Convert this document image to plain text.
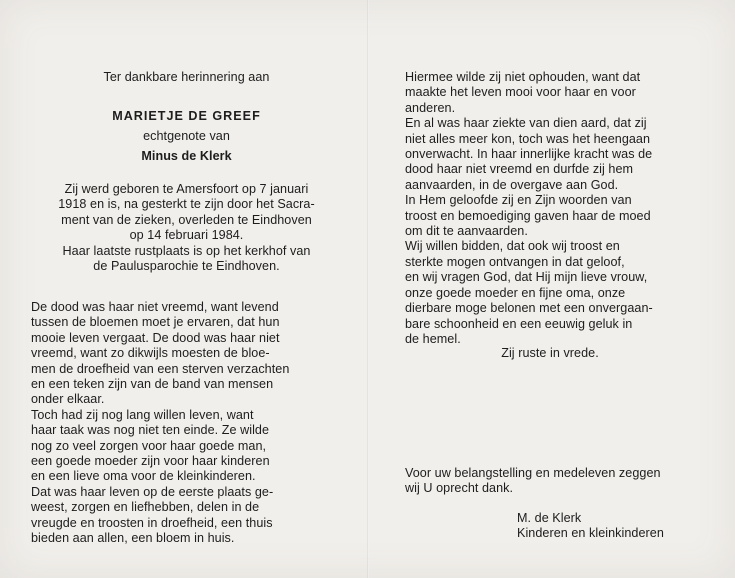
Ter dankbare herinnering aan

MARIETJE DE GREEF

echtgenote van

Minus de Klerk

Zij werd geboren te Amersfoort op 7 januari
1918 en is, na gesterkt te zijn door het Sacra-
ment van de zieken, overleden te Eindhoven
op 14 februari 1984.
Haar laatste rustplaats is op het kerkhof van
de Paulusparochie te Eindhoven.
De dood was haar niet vreemd, want levend
tussen de bloemen moet je ervaren, dat hun
mooie leven vergaat. De dood was haar niet
vreemd, want zo dikwijls moesten de bloe-
men de droefheid van een sterven verzachten
en een teken zijn van de band van mensen
onder elkaar.
Toch had zij nog lang willen leven, want
haar taak was nog niet ten einde. Ze wilde
nog zo veel zorgen voor haar goede man,
een goede moeder zijn voor haar kinderen
en een lieve oma voor de kleinkinderen.
Dat was haar leven op de eerste plaats ge-
weest, zorgen en liefhebben, delen in de
vreugde en troosten in droefheid, een thuis
bieden aan allen, een bloem in huis.
Hiermee wilde zij niet ophouden, want dat
maakte het leven mooi voor haar en voor
anderen.
En al was haar ziekte van dien aard, dat zij
niet alles meer kon, toch was het heengaan
onverwacht. In haar innerlijke kracht was de
dood haar niet vreemd en durfde zij hem
aanvaarden, in de overgave aan God.
In Hem geloofde zij en Zijn woorden van
troost en bemoediging gaven haar de moed
om dit te aanvaarden.
Wij willen bidden, dat ook wij troost en
sterkte mogen ontvangen in dat geloof,
en wij vragen God, dat Hij mijn lieve vrouw,
onze goede moeder en fijne oma, onze
dierbare moge belonen met een onvergaan-
bare schoonheid en een eeuwig geluk in
de hemel.

Zij ruste in vrede.

Voor uw belangstelling en medeleven zeggen
wij U oprecht dank.
M. de Klerk
Kinderen en kleinkinderen
